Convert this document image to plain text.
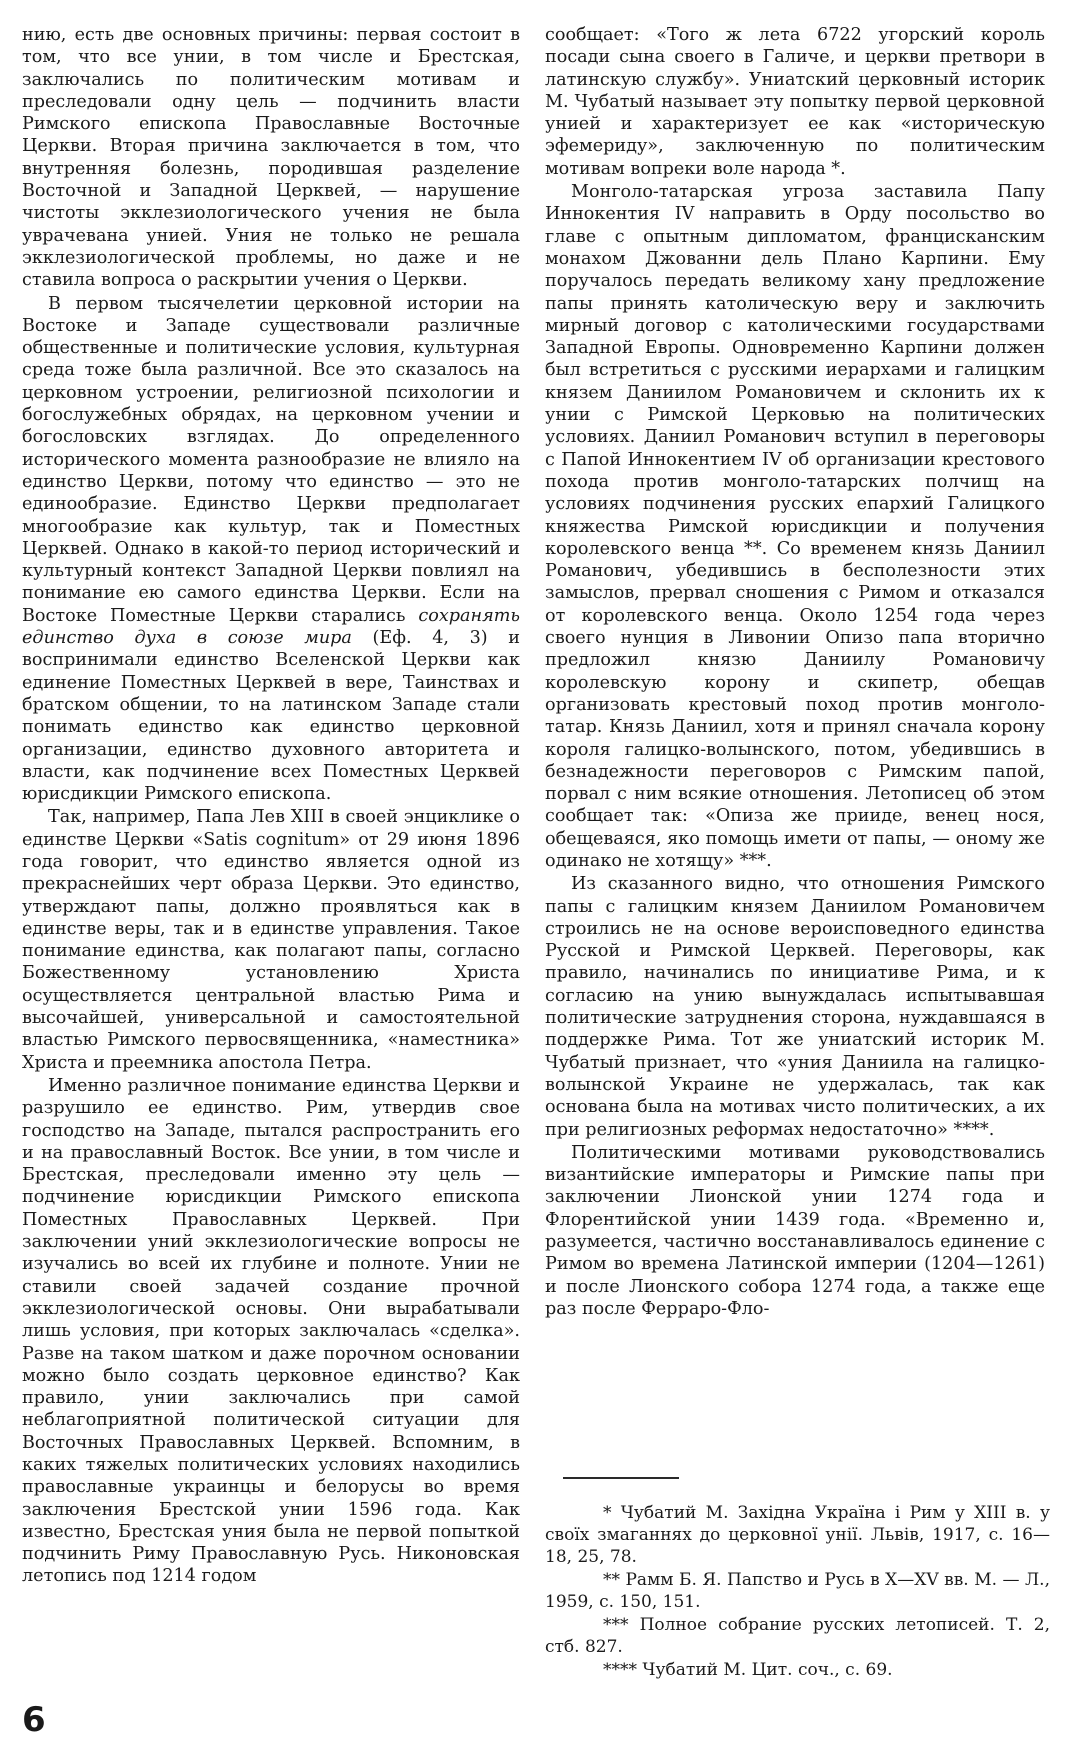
нию, есть две основных причины: первая состоит в том, что все унии, в том числе и Брестская, заключались по политическим мотивам и преследовали одну цель — подчинить власти Римского епископа Православные Восточные Церкви. Вторая причина заключается в том, что внутренняя болезнь, породившая разделение Восточной и Западной Церквей, — нарушение чистоты экклезиологического учения не была уврачевана унией. Уния не только не решала экклезиологической проблемы, но даже и не ставила вопроса о раскрытии учения о Церкви.

В первом тысячелетии церковной истории на Востоке и Западе существовали различные общественные и политические условия, культурная среда тоже была различной. Все это сказалось на церковном устроении, религиозной психологии и богослужебных обрядах, на церковном учении и богословских взглядах. До определенного исторического момента разнообразие не влияло на единство Церкви, потому что единство — это не единообразие. Единство Церкви предполагает многообразие как культур, так и Поместных Церквей. Однако в какой-то период исторический и культурный контекст Западной Церкви повлиял на понимание ею самого единства Церкви. Если на Востоке Поместные Церкви старались сохранять единство духа в союзе мира (Еф. 4, 3) и воспринимали единство Вселенской Церкви как единение Поместных Церквей в вере, Таинствах и братском общении, то на латинском Западе стали понимать единство как единство церковной организации, единство духовного авторитета и власти, как подчинение всех Поместных Церквей юрисдикции Римского епископа.

Так, например, Папа Лев XIII в своей энциклике о единстве Церкви «Satis cognitum» от 29 июня 1896 года говорит, что единство является одной из прекраснейших черт образа Церкви. Это единство, утверждают папы, должно проявляться как в единстве веры, так и в единстве управления. Такое понимание единства, как полагают папы, согласно Божественному установлению Христа осуществляется центральной властью Рима и высочайшей, универсальной и самостоятельной властью Римского первосвященника, «наместника» Христа и преемника апостола Петра.

Именно различное понимание единства Церкви и разрушило ее единство. Рим, утвердив свое господство на Западе, пытался распространить его и на православный Восток. Все унии, в том числе и Брестская, преследовали именно эту цель — подчинение юрисдикции Римского епископа Поместных Православных Церквей. При заключении уний экклезиологические вопросы не изучались во всей их глубине и полноте. Унии не ставили своей задачей создание прочной экклезиологической основы. Они вырабатывали лишь условия, при которых заключалась «сделка». Разве на таком шатком и даже порочном основании можно было создать церковное единство? Как правило, унии заключались при самой неблагоприятной политической ситуации для Восточных Православных Церквей. Вспомним, в каких тяжелых политических условиях находились православные украинцы и белорусы во время заключения Брестской унии 1596 года. Как известно, Брестская уния была не первой попыткой подчинить Риму Православную Русь. Никоновская летопись под 1214 годом

сообщает: «Того ж лета 6722 угорский король посади сына своего в Галиче, и церкви претвори в латинскую службу». Униатский церковный историк М. Чубатый называет эту попытку первой церковной унией и характеризует ее как «историческую эфемериду», заключенную по политическим мотивам вопреки воле народа *.

Монголо-татарская угроза заставила Папу Иннокентия IV направить в Орду посольство во главе с опытным дипломатом, францисканским монахом Джованни дель Плано Карпини. Ему поручалось передать великому хану предложение папы принять католическую веру и заключить мирный договор с католическими государствами Западной Европы. Одновременно Карпини должен был встретиться с русскими иерархами и галицким князем Даниилом Романовичем и склонить их к унии с Римской Церковью на политических условиях. Даниил Романович вступил в переговоры с Папой Иннокентием IV об организации крестового похода против монголо-татарских полчищ на условиях подчинения русских епархий Галицкого княжества Римской юрисдикции и получения королевского венца **. Со временем князь Даниил Романович, убедившись в бесполезности этих замыслов, прервал сношения с Римом и отказался от королевского венца. Около 1254 года через своего нунция в Ливонии Опизо папа вторично предложил князю Даниилу Романовичу королевскую корону и скипетр, обещав организовать крестовый поход против монголо-татар. Князь Даниил, хотя и принял сначала корону короля галицко-волынского, потом, убедившись в безнадежности переговоров с Римским папой, порвал с ним всякие отношения. Летописец об этом сообщает так: «Опиза же прииде, венец нося, обещеваяся, яко помощь имети от папы, — оному же одинако не хотящу» ***.

Из сказанного видно, что отношения Римского папы с галицким князем Даниилом Романовичем строились не на основе вероисповедного единства Русской и Римской Церквей. Переговоры, как правило, начинались по инициативе Рима, и к согласию на унию вынуждалась испытывавшая политические затруднения сторона, нуждавшаяся в поддержке Рима. Тот же униатский историк М. Чубатый признает, что «уния Даниила на галицко-волынской Украине не удержалась, так как основана была на мотивах чисто политических, а их при религиозных реформах недостаточно» ****.

Политическими мотивами руководствовались византийские императоры и Римские папы при заключении Лионской унии 1274 года и Флорентийской унии 1439 года. «Временно и, разумеется, частично восстанавливалось единение с Римом во времена Латинской империи (1204—1261) и после Лионского собора 1274 года, а также еще раз после Ферраро-Фло-

* Чубатий М. Західна Україна і Рим у XIII в. у своїх змаганнях до церковної унії. Львів, 1917, с. 16—18, 25, 78.

** Рамм Б. Я. Папство и Русь в X—XV вв. М. — Л., 1959, с. 150, 151.

*** Полное собрание русских летописей. Т. 2, стб. 827.

**** Чубатий М. Цит. соч., с. 69.

6
